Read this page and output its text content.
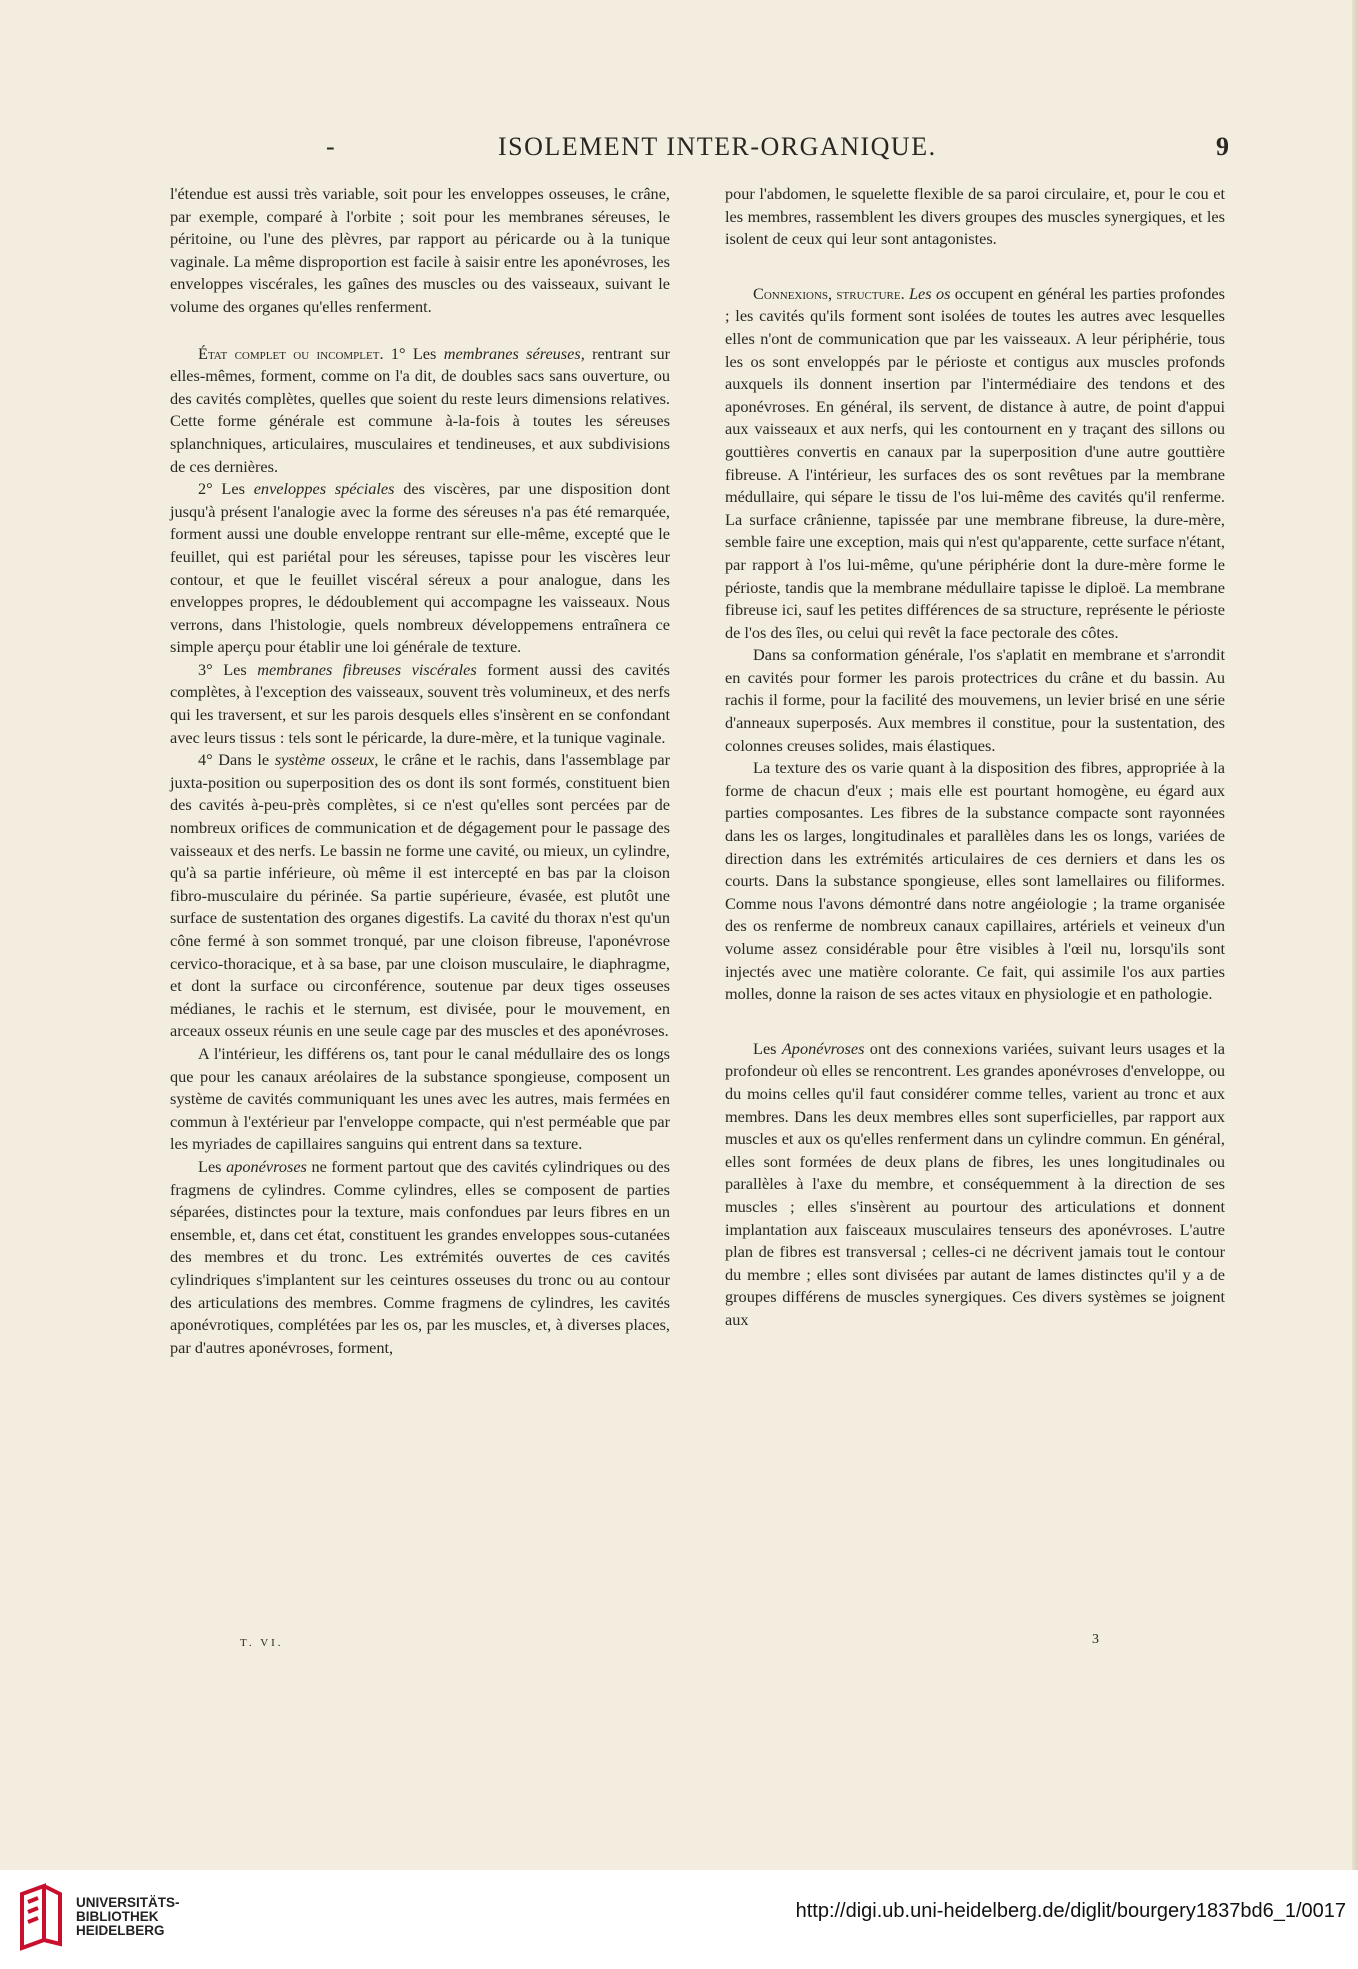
-	ISOLEMENT INTER-ORGANIQUE.	9

l'étendue est aussi très variable, soit pour les enveloppes osseuses, le crâne, par exemple, comparé à l'orbite ; soit pour les membranes séreuses, le péritoine, ou l'une des plèvres, par rapport au péricarde ou à la tunique vaginale. La même disproportion est facile à saisir entre les aponévroses, les enveloppes viscérales, les gaînes des muscles ou des vaisseaux, suivant le volume des organes qu'elles renferment.

État complet ou incomplet. 1° Les membranes séreuses, rentrant sur elles-mêmes, forment, comme on l'a dit, de doubles sacs sans ouverture, ou des cavités complètes, quelles que soient du reste leurs dimensions relatives. Cette forme générale est commune à-la-fois à toutes les séreuses splanchniques, articulaires, musculaires et tendineuses, et aux subdivisions de ces dernières.

2° Les enveloppes spéciales des viscères, par une disposition dont jusqu'à présent l'analogie avec la forme des séreuses n'a pas été remarquée, forment aussi une double enveloppe rentrant sur elle-même, excepté que le feuillet, qui est pariétal pour les séreuses, tapisse pour les viscères leur contour, et que le feuillet viscéral séreux a pour analogue, dans les enveloppes propres, le dédoublement qui accompagne les vaisseaux. Nous verrons, dans l'histologie, quels nombreux développemens entraînera ce simple aperçu pour établir une loi générale de texture.

3° Les membranes fibreuses viscérales forment aussi des cavités complètes, à l'exception des vaisseaux, souvent très volumineux, et des nerfs qui les traversent, et sur les parois desquels elles s'insèrent en se confondant avec leurs tissus : tels sont le péricarde, la dure-mère, et la tunique vaginale.

4° Dans le système osseux, le crâne et le rachis, dans l'assemblage par juxta-position ou superposition des os dont ils sont formés, constituent bien des cavités à-peu-près complètes, si ce n'est qu'elles sont percées par de nombreux orifices de communication et de dégagement pour le passage des vaisseaux et des nerfs. Le bassin ne forme une cavité, ou mieux, un cylindre, qu'à sa partie inférieure, où même il est intercepté en bas par la cloison fibro-musculaire du périnée. Sa partie supérieure, évasée, est plutôt une surface de sustentation des organes digestifs. La cavité du thorax n'est qu'un cône fermé à son sommet tronqué, par une cloison fibreuse, l'aponévrose cervico-thoracique, et à sa base, par une cloison musculaire, le diaphragme, et dont la surface ou circonférence, soutenue par deux tiges osseuses médianes, le rachis et le sternum, est divisée, pour le mouvement, en arceaux osseux réunis en une seule cage par des muscles et des aponévroses.

A l'intérieur, les différens os, tant pour le canal médullaire des os longs que pour les canaux aréolaires de la substance spongieuse, composent un système de cavités communiquant les unes avec les autres, mais fermées en commun à l'extérieur par l'enveloppe compacte, qui n'est perméable que par les myriades de capillaires sanguins qui entrent dans sa texture.

Les aponévroses ne forment partout que des cavités cylindriques ou des fragmens de cylindres. Comme cylindres, elles se composent de parties séparées, distinctes pour la texture, mais confondues par leurs fibres en un ensemble, et, dans cet état, constituent les grandes enveloppes sous-cutanées des membres et du tronc. Les extrémités ouvertes de ces cavités cylindriques s'implantent sur les ceintures osseuses du tronc ou au contour des articulations des membres. Comme fragmens de cylindres, les cavités aponévrotiques, complétées par les os, par les muscles, et, à diverses places, par d'autres aponévroses, forment,

pour l'abdomen, le squelette flexible de sa paroi circulaire, et, pour le cou et les membres, rassemblent les divers groupes des muscles synergiques, et les isolent de ceux qui leur sont antagonistes.

Connexions, structure. Les os occupent en général les parties profondes ; les cavités qu'ils forment sont isolées de toutes les autres avec lesquelles elles n'ont de communication que par les vaisseaux. A leur périphérie, tous les os sont enveloppés par le périoste et contigus aux muscles profonds auxquels ils donnent insertion par l'intermédiaire des tendons et des aponévroses. En général, ils servent, de distance à autre, de point d'appui aux vaisseaux et aux nerfs, qui les contournent en y traçant des sillons ou gouttières convertis en canaux par la superposition d'une autre gouttière fibreuse. A l'intérieur, les surfaces des os sont revêtues par la membrane médullaire, qui sépare le tissu de l'os lui-même des cavités qu'il renferme. La surface crânienne, tapissée par une membrane fibreuse, la dure-mère, semble faire une exception, mais qui n'est qu'apparente, cette surface n'étant, par rapport à l'os lui-même, qu'une périphérie dont la dure-mère forme le périoste, tandis que la membrane médullaire tapisse le diploë. La membrane fibreuse ici, sauf les petites différences de sa structure, représente le périoste de l'os des îles, ou celui qui revêt la face pectorale des côtes.

Dans sa conformation générale, l'os s'aplatit en membrane et s'arrondit en cavités pour former les parois protectrices du crâne et du bassin. Au rachis il forme, pour la facilité des mouvemens, un levier brisé en une série d'anneaux superposés. Aux membres il constitue, pour la sustentation, des colonnes creuses solides, mais élastiques.

La texture des os varie quant à la disposition des fibres, appropriée à la forme de chacun d'eux ; mais elle est pourtant homogène, eu égard aux parties composantes. Les fibres de la substance compacte sont rayonnées dans les os larges, longitudinales et parallèles dans les os longs, variées de direction dans les extrémités articulaires de ces derniers et dans les os courts. Dans la substance spongieuse, elles sont lamellaires ou filiformes. Comme nous l'avons démontré dans notre angéiologie ; la trame organisée des os renferme de nombreux canaux capillaires, artériels et veineux d'un volume assez considérable pour être visibles à l'œil nu, lorsqu'ils sont injectés avec une matière colorante. Ce fait, qui assimile l'os aux parties molles, donne la raison de ses actes vitaux en physiologie et en pathologie.

Les Aponévroses ont des connexions variées, suivant leurs usages et la profondeur où elles se rencontrent. Les grandes aponévroses d'enveloppe, ou du moins celles qu'il faut considérer comme telles, varient au tronc et aux membres. Dans les deux membres elles sont superficielles, par rapport aux muscles et aux os qu'elles renferment dans un cylindre commun. En général, elles sont formées de deux plans de fibres, les unes longitudinales ou parallèles à l'axe du membre, et conséquemment à la direction de ses muscles ; elles s'insèrent au pourtour des articulations et donnent implantation aux faisceaux musculaires tenseurs des aponévroses. L'autre plan de fibres est transversal ; celles-ci ne décrivent jamais tout le contour du membre ; elles sont divisées par autant de lames distinctes qu'il y a de groupes différens de muscles synergiques. Ces divers systèmes se joignent aux

T. VI.	3
UNIVERSITÄTS-
BIBLIOTHEK
HEIDELBERG
http://digi.ub.uni-heidelberg.de/diglit/bourgery1837bd6_1/0017
